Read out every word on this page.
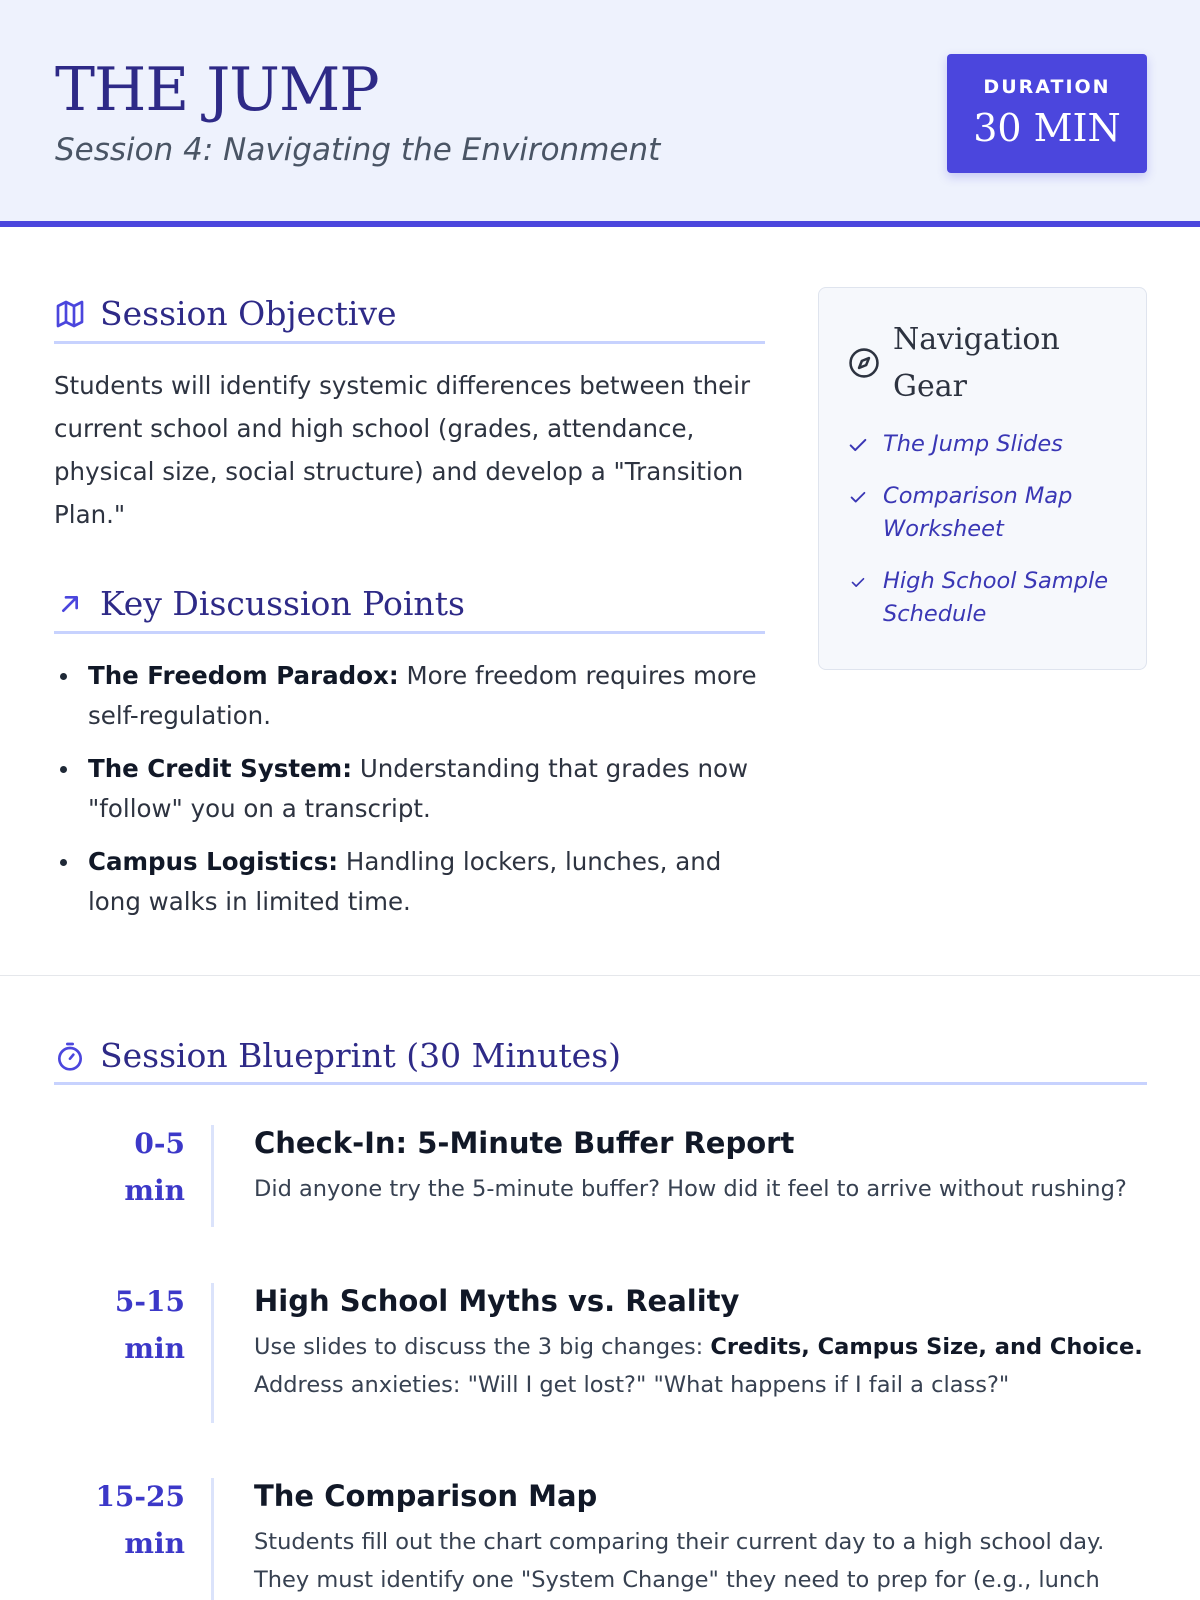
THE JUMP
Session 4: Navigating the Environment
DURATION
30 MIN
Session Objective
Students will identify systemic differences between their current school and high school (grades, attendance, physical size, social structure) and develop a "Transition Plan."
Key Discussion Points
The Freedom Paradox: More freedom requires more self-regulation.
The Credit System: Understanding that grades now "follow" you on a transcript.
Campus Logistics: Handling lockers, lunches, and long walks in limited time.
Navigation Gear
The Jump Slides
Comparison Map Worksheet
High School Sample Schedule
Session Blueprint (30 Minutes)
0-5 min
Check-In: 5-Minute Buffer Report
Did anyone try the 5-minute buffer? How did it feel to arrive without rushing?
5-15 min
High School Myths vs. Reality
Use slides to discuss the 3 big changes: Credits, Campus Size, and Choice. Address anxieties: "Will I get lost?" "What happens if I fail a class?"
15-25 min
The Comparison Map
Students fill out the chart comparing their current day to a high school day. They must identify one "System Change" they need to prep for (e.g., lunch
